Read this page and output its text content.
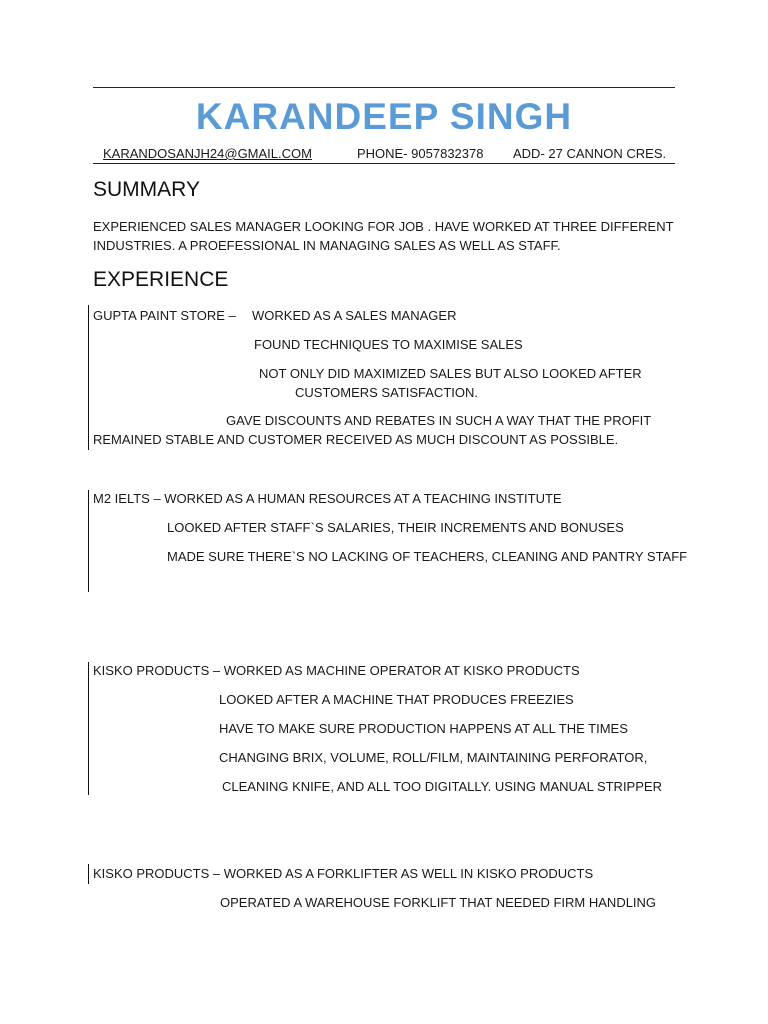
KARANDEEP SINGH
KARANDOSANJH24@GMAIL.COM	PHONE- 9057832378 ADD- 27 CANNON CRES.
SUMMARY
EXPERIENCED SALES MANAGER LOOKING FOR JOB . HAVE WORKED AT THREE DIFFERENT
INDUSTRIES. A PROEFESSIONAL IN MANAGING SALES AS WELL AS STAFF.
EXPERIENCE
GUPTA PAINT STORE – WORKED AS A SALES MANAGER
FOUND TECHNIQUES TO MAXIMISE SALES
NOT ONLY DID MAXIMIZED SALES BUT ALSO LOOKED AFTER
CUSTOMERS SATISFACTION.
GAVE DISCOUNTS AND REBATES IN SUCH A WAY THAT THE PROFIT
REMAINED STABLE AND CUSTOMER RECEIVED AS MUCH DISCOUNT AS POSSIBLE.
M2 IELTS – WORKED AS A HUMAN RESOURCES AT A TEACHING INSTITUTE
LOOKED AFTER STAFF`S SALARIES, THEIR INCREMENTS AND BONUSES
MADE SURE THERE`S NO LACKING OF TEACHERS, CLEANING AND PANTRY STAFF
KISKO PRODUCTS – WORKED AS MACHINE OPERATOR AT KISKO PRODUCTS
LOOKED AFTER A MACHINE THAT PRODUCES FREEZIES
HAVE TO MAKE SURE PRODUCTION HAPPENS AT ALL THE TIMES
CHANGING BRIX, VOLUME, ROLL/FILM, MAINTAINING PERFORATOR,
CLEANING KNIFE, AND ALL TOO DIGITALLY. USING MANUAL STRIPPER
KISKO PRODUCTS – WORKED AS A FORKLIFTER AS WELL IN KISKO PRODUCTS
OPERATED A WAREHOUSE FORKLIFT THAT NEEDED FIRM HANDLING
